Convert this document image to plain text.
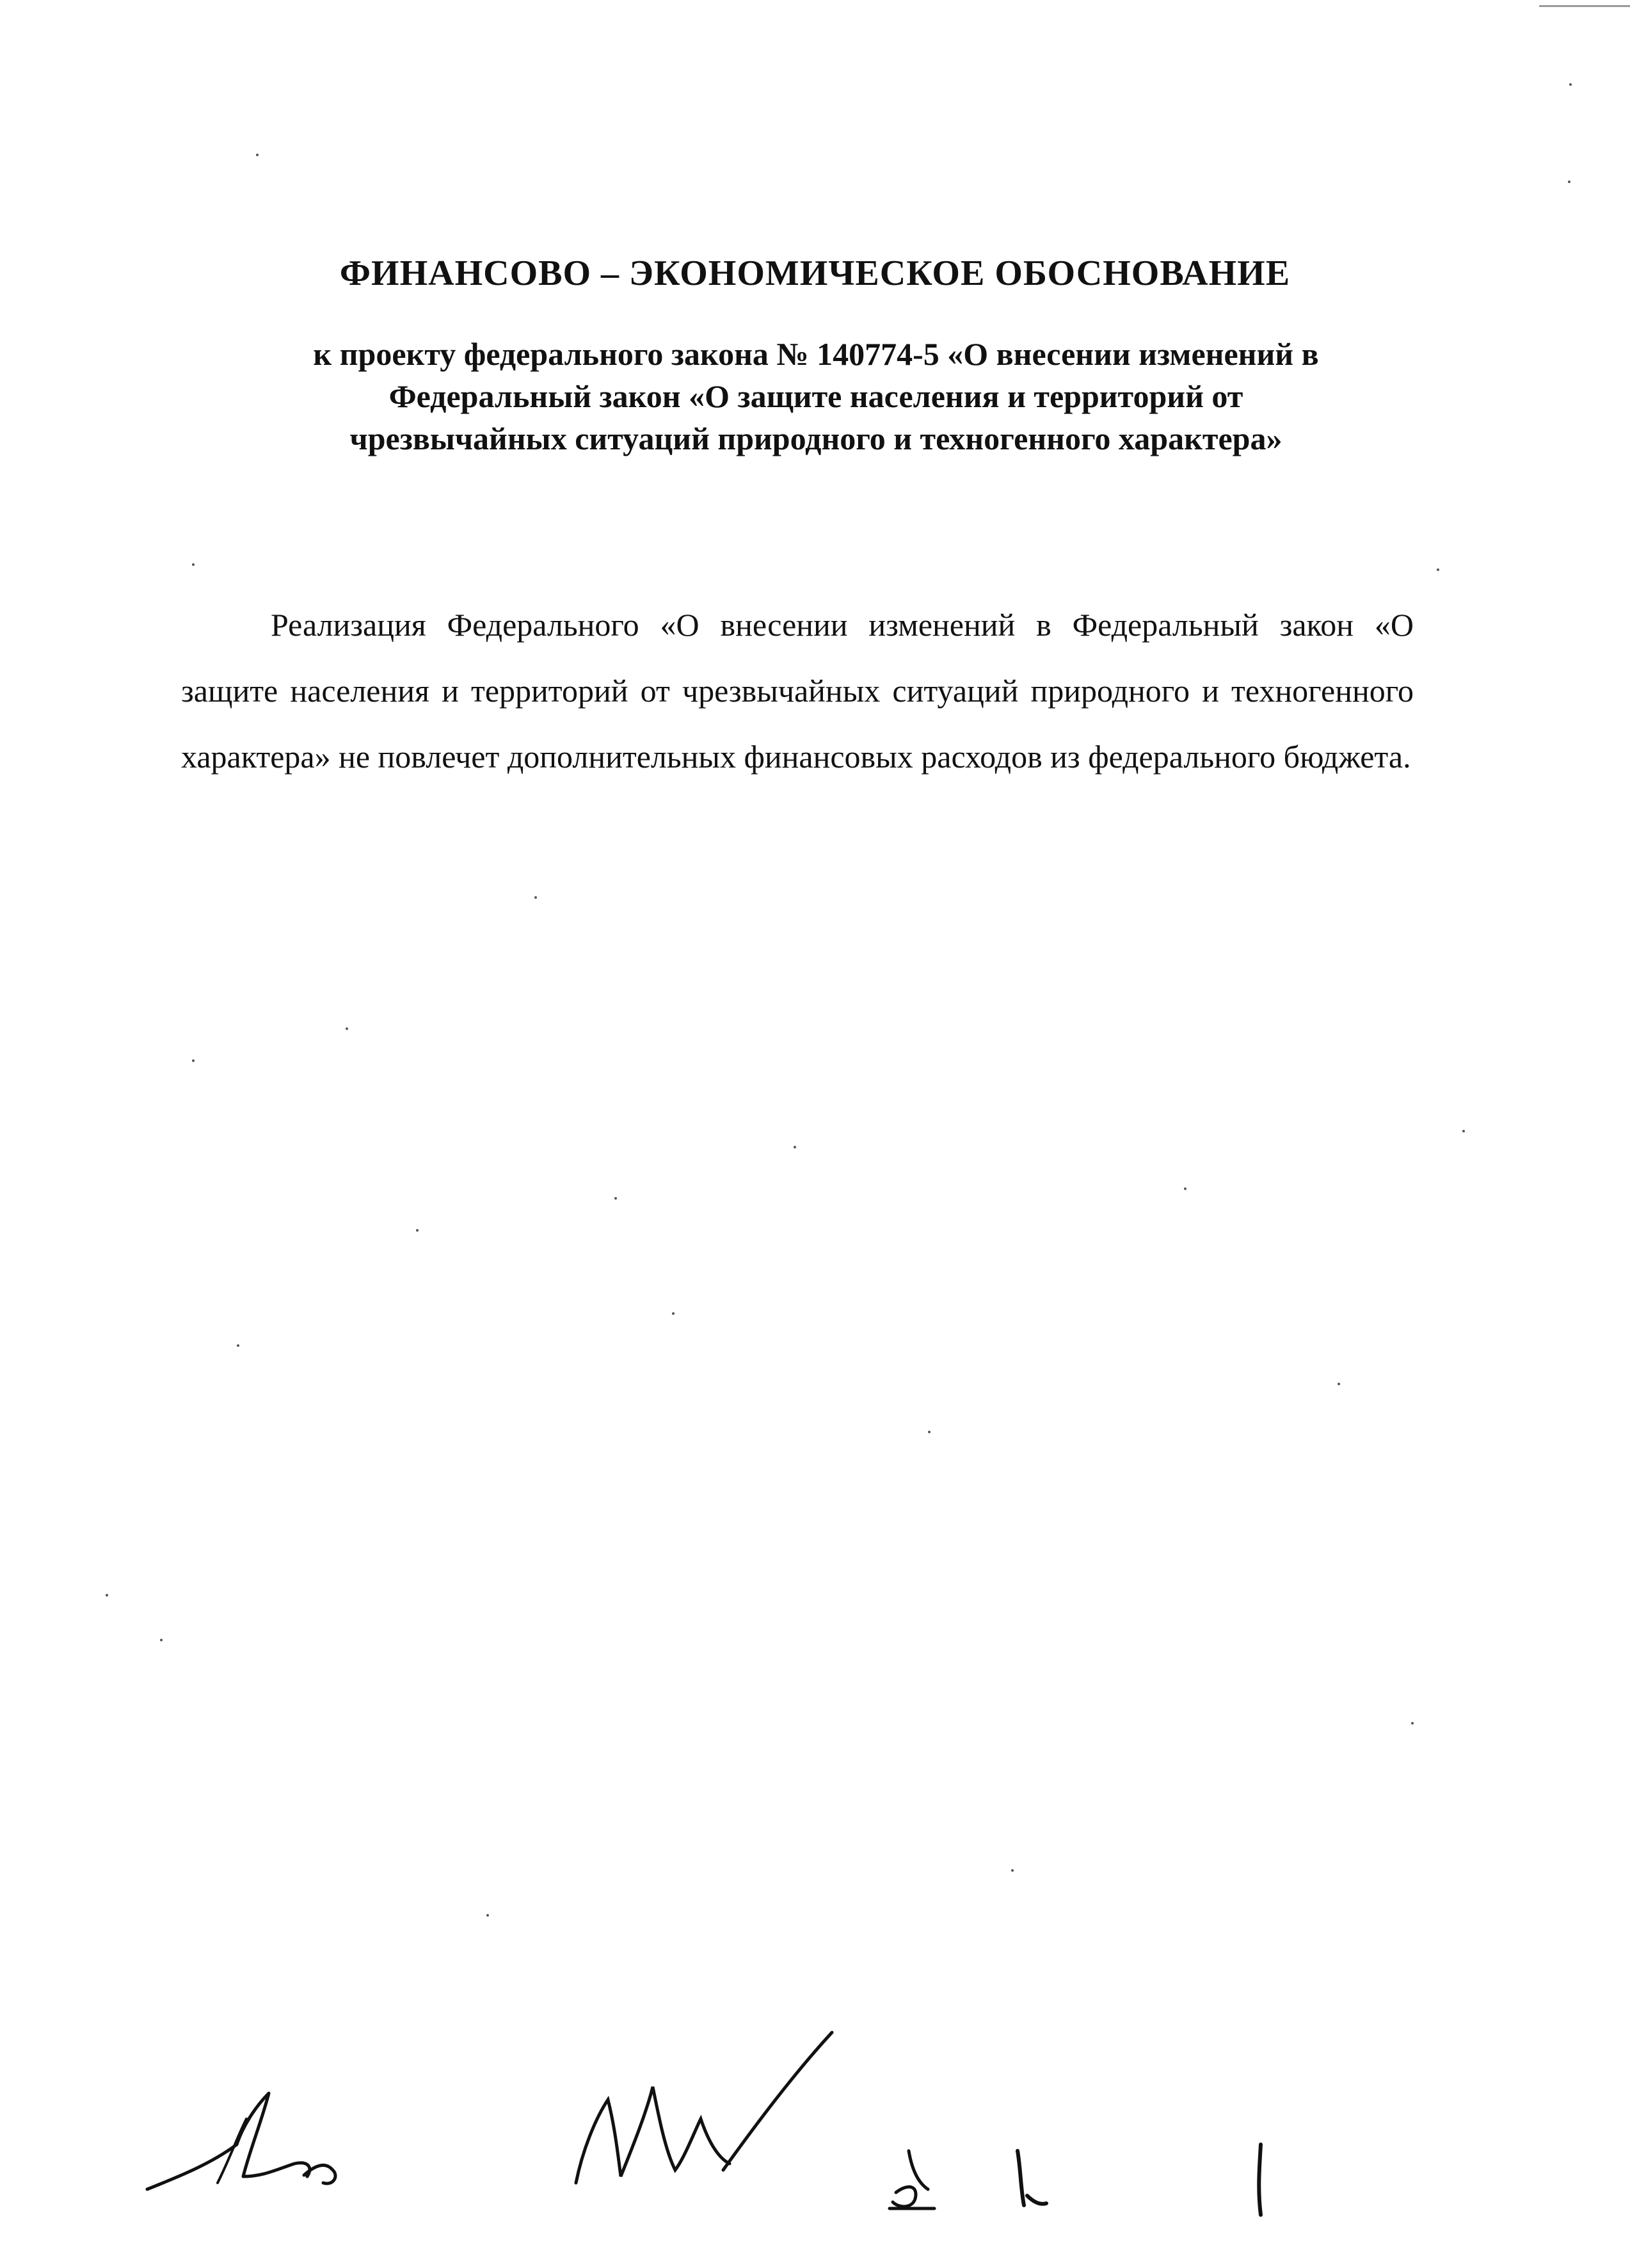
ФИНАНСОВО – ЭКОНОМИЧЕСКОЕ ОБОСНОВАНИЕ
к проекту федерального закона № 140774-5 «О внесении изменений в
Федеральный закон «О защите населения и территорий от
чрезвычайных ситуаций природного и техногенного характера»

Реализация Федерального «О внесении изменений в Федеральный закон «О защите населения и территорий от чрезвычайных ситуаций природного и техногенного характера» не повлечет дополнительных финансовых расходов из федерального бюджета.
